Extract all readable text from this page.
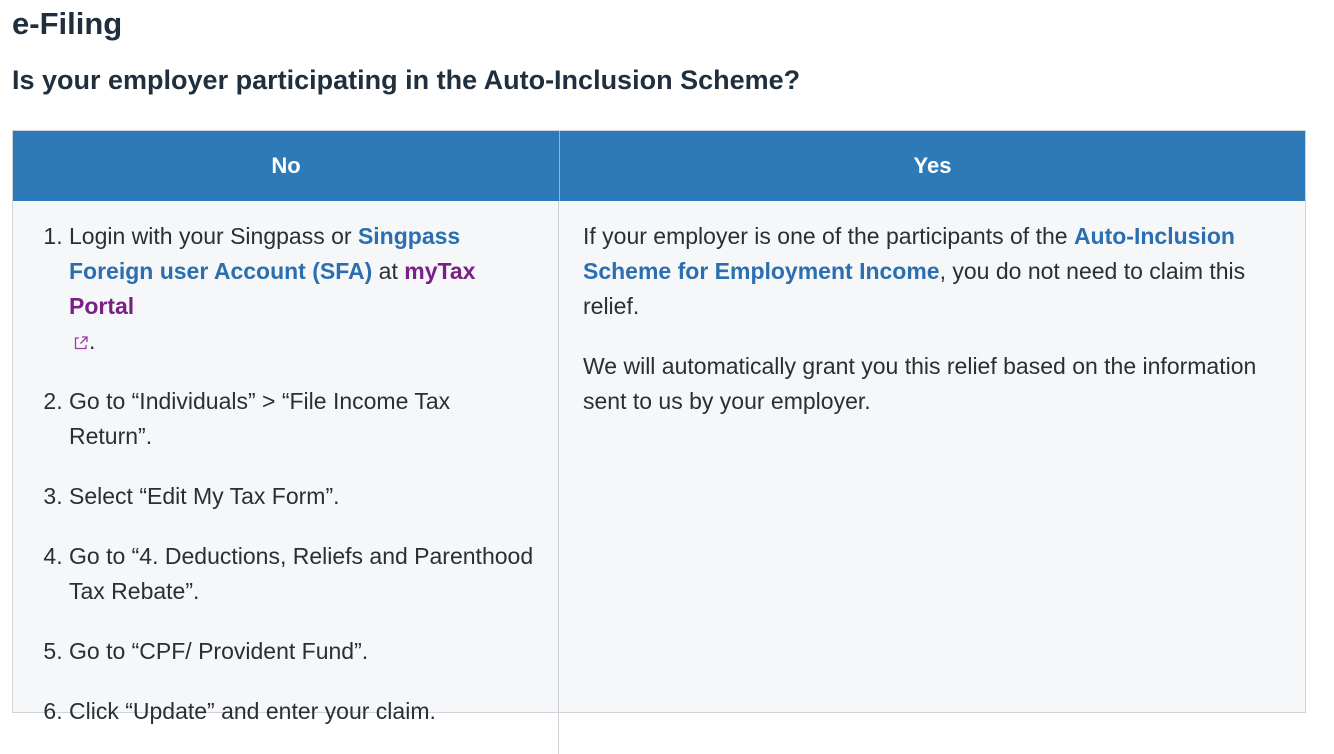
e-Filing
Is your employer participating in the Auto-Inclusion Scheme?
No	Yes
1. Login with your Singpass or Singpass Foreign user Account (SFA) at myTax Portal
.
2. Go to “Individuals” > “File Income Tax Return”.
3. Select “Edit My Tax Form”.
4. Go to “4. Deductions, Reliefs and Parenthood Tax Rebate”.
5. Go to “CPF/ Provident Fund”.
6. Click “Update” and enter your claim.

If your employer is one of the participants of the Auto-Inclusion Scheme for Employment Income, you do not need to claim this relief.

We will automatically grant you this relief based on the information sent to us by your employer.
